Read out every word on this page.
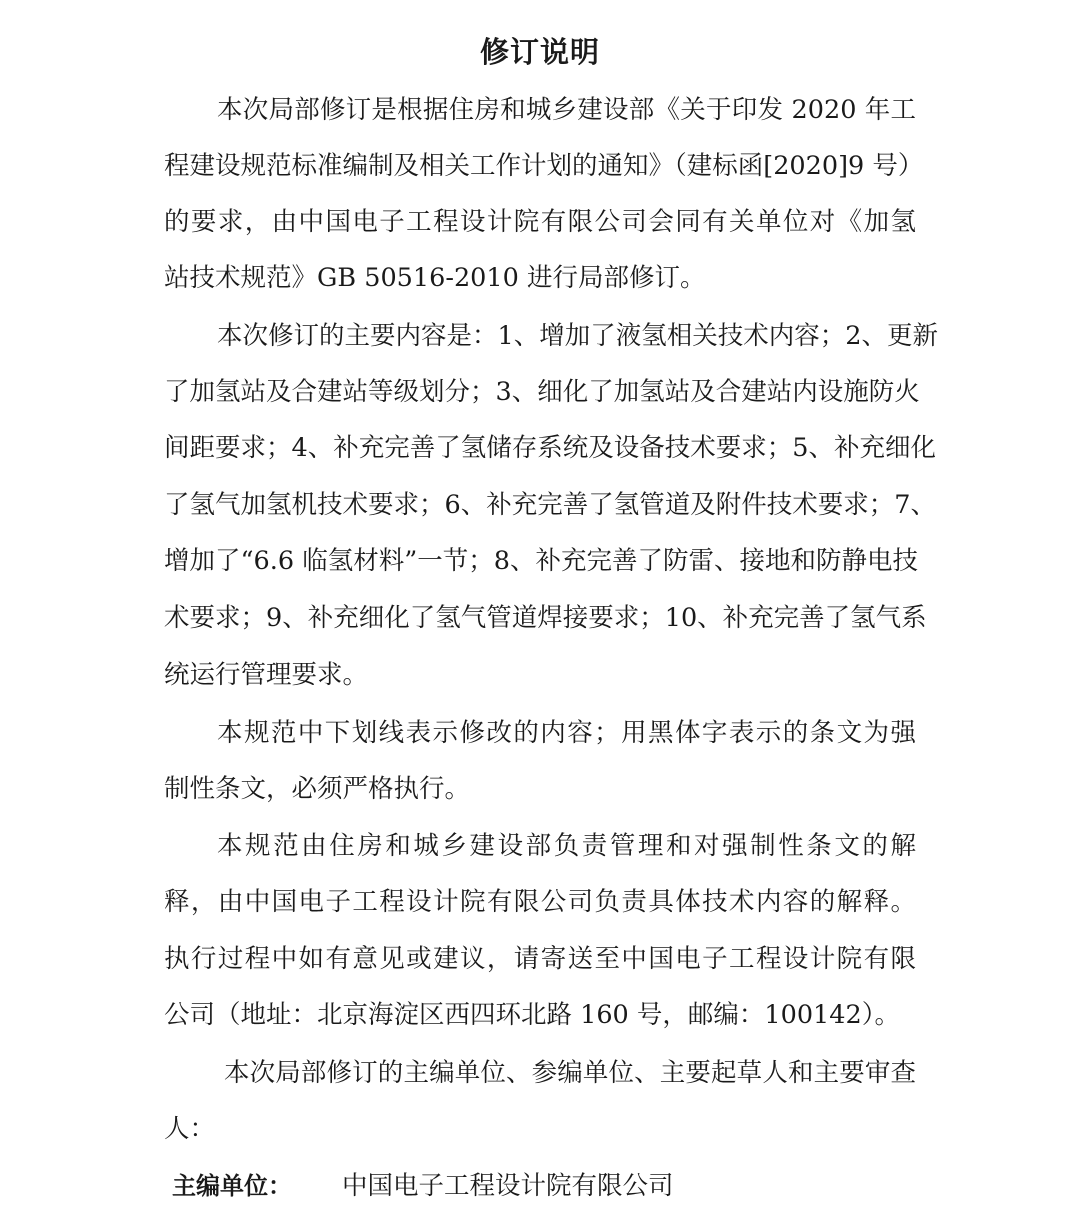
修订说明
本次局部修订是根据住房和城乡建设部《关于印发 2020 年工
程建设规范标准编制及相关工作计划的通知》（建标函[2020]9 号）
的要求，由中国电子工程设计院有限公司会同有关单位对《加氢
站技术规范》GB 50516-2010 进行局部修订。
本次修订的主要内容是：1、增加了液氢相关技术内容；2、更新
了加氢站及合建站等级划分；3、细化了加氢站及合建站内设施防火
间距要求；4、补充完善了氢储存系统及设备技术要求；5、补充细化
了氢气加氢机技术要求；6、补充完善了氢管道及附件技术要求；7、
增加了“6.6 临氢材料”一节；8、补充完善了防雷、接地和防静电技
术要求；9、补充细化了氢气管道焊接要求；10、补充完善了氢气系
统运行管理要求。
本规范中下划线表示修改的内容；用黑体字表示的条文为强
制性条文，必须严格执行。
本规范由住房和城乡建设部负责管理和对强制性条文的解
释，由中国电子工程设计院有限公司负责具体技术内容的解释。
执行过程中如有意见或建议，请寄送至中国电子工程设计院有限
公司（地址：北京海淀区西四环北路 160 号，邮编：100142）。
本次局部修订的主编单位、参编单位、主要起草人和主要审查
人：
主编单位： 中国电子工程设计院有限公司
